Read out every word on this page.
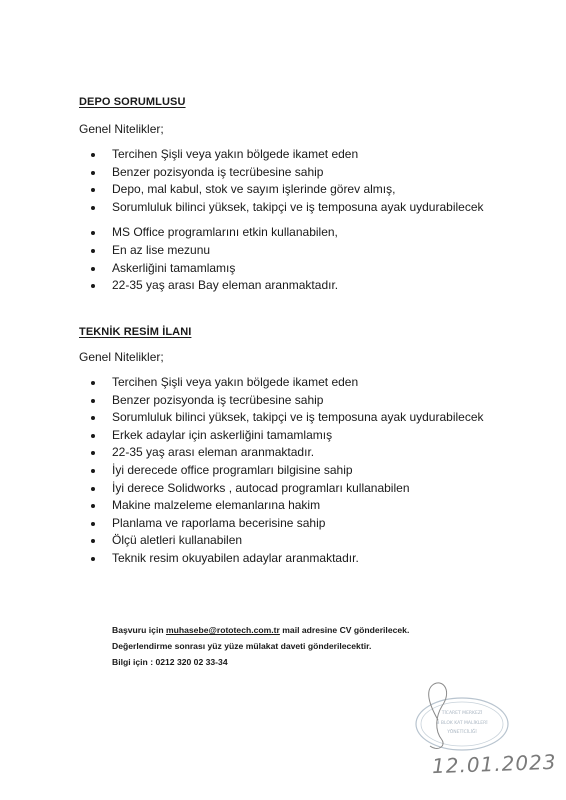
DEPO SORUMLUSU

Genel Nitelikler;

Tercihen Şişli veya yakın bölgede ikamet eden
Benzer pozisyonda iş tecrübesine sahip
Depo, mal kabul, stok ve sayım işlerinde görev almış,
Sorumluluk bilinci yüksek, takipçi ve iş temposuna ayak uydurabilecek
MS Office programlarını etkin kullanabilen,
En az lise mezunu
Askerliğini tamamlamış
22-35 yaş arası Bay eleman aranmaktadır.

TEKNİK RESİM İLANI

Genel Nitelikler;

Tercihen Şişli veya yakın bölgede ikamet eden
Benzer pozisyonda iş tecrübesine sahip
Sorumluluk bilinci yüksek, takipçi ve iş temposuna ayak uydurabilecek
Erkek adaylar için askerliğini tamamlamış
22-35 yaş arası eleman aranmaktadır.
İyi derecede office programları bilgisine sahip
İyi derece Solidworks , autocad programları kullanabilen
Makine malzeleme elemanlarına hakim
Planlama ve raporlama becerisine sahip
Ölçü aletleri kullanabilen
Teknik resim okuyabilen adaylar aranmaktadır.

Başvuru için muhasebe@rototech.com.tr mail adresine CV gönderilecek.

Değerlendirme sonrası yüz yüze mülakat daveti gönderilecektir.

Bilgi için : 0212 320 02 33-34

TİCARET MERKEZİ
B BLOK KAT MALİKLERİ
YÖNETİCİLİĞİ
12.01.2023
